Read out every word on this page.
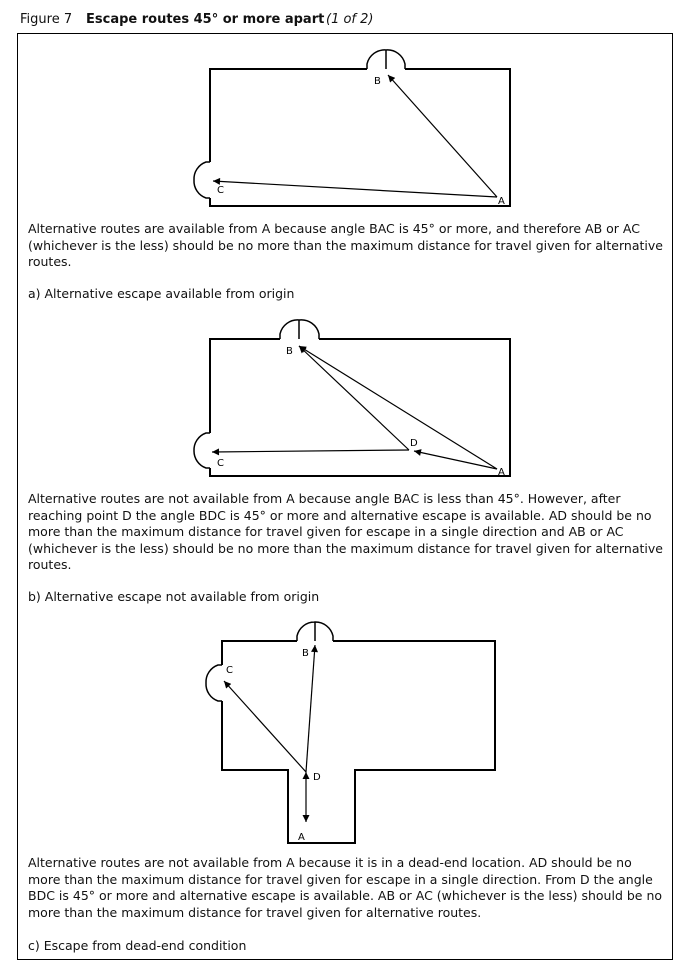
Figure 7 Escape routes 45° or more apart (1 of 2)
A
B
C
A
B
C
D
A
B
C
D
Alternative routes are available from A because angle BAC is 45° or more, and therefore AB or AC (whichever is the less) should be no more than the maximum distance for travel given for alternative routes.
a) Alternative escape available from origin
Alternative routes are not available from A because angle BAC is less than 45°. However, after reaching point D the angle BDC is 45° or more and alternative escape is available. AD should be no more than the maximum distance for travel given for escape in a single direction and AB or AC (whichever is the less) should be no more than the maximum distance for travel given for alternative routes.
b) Alternative escape not available from origin
Alternative routes are not available from A because it is in a dead-end location. AD should be no more than the maximum distance for travel given for escape in a single direction. From D the angle BDC is 45° or more and alternative escape is available. AB or AC (whichever is the less) should be no more than the maximum distance for travel given for alternative routes.
c) Escape from dead-end condition
